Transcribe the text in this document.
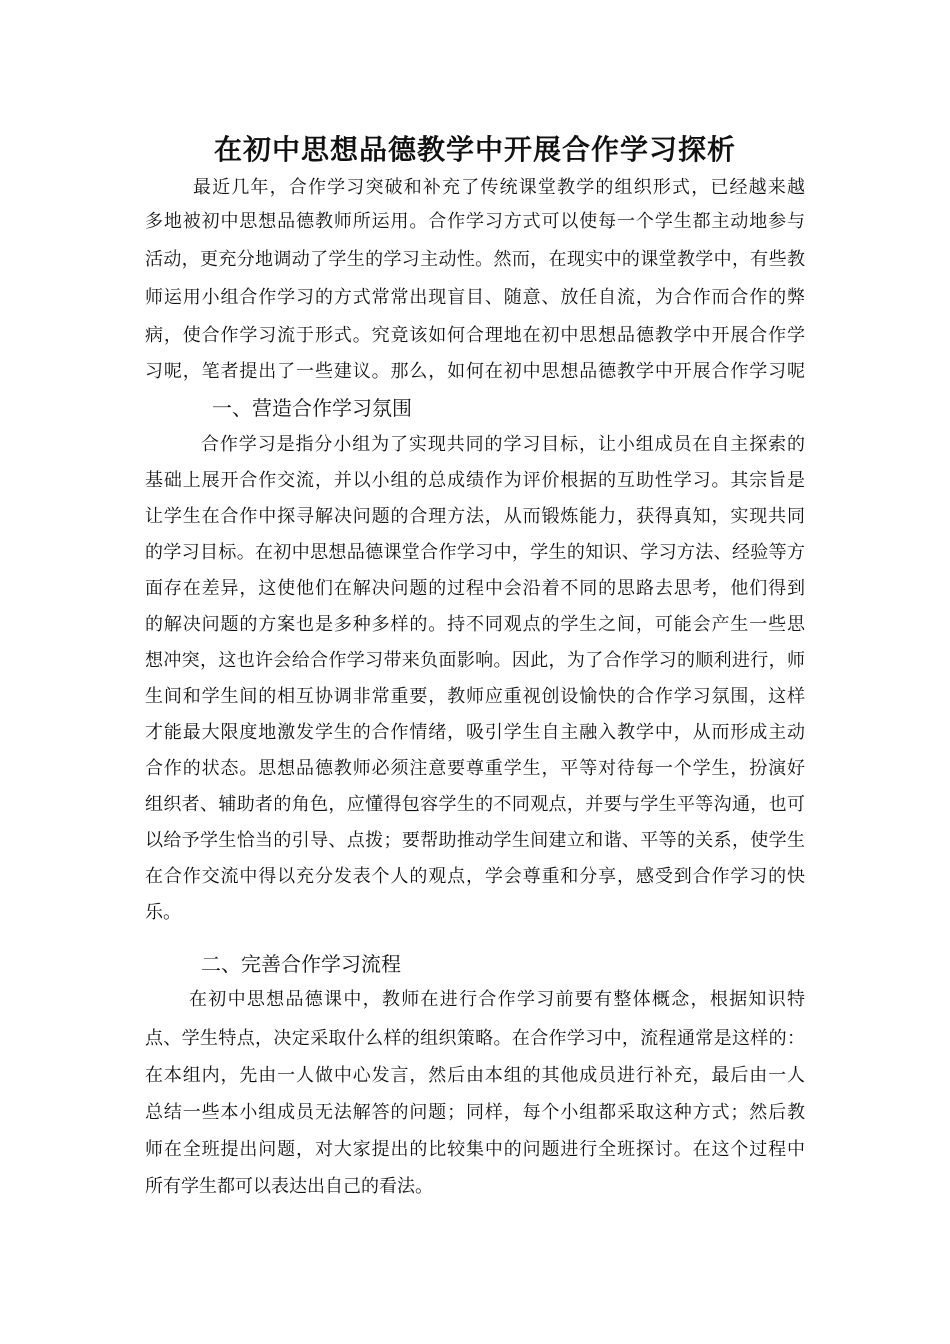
在初中思想品德教学中开展合作学习探析
最近几年，合作学习突破和补充了传统课堂教学的组织形式，已经越来越
多地被初中思想品德教师所运用。合作学习方式可以使每一个学生都主动地参与
活动，更充分地调动了学生的学习主动性。然而，在现实中的课堂教学中，有些教
师运用小组合作学习的方式常常出现盲目、随意、放任自流，为合作而合作的弊
病，使合作学习流于形式。究竟该如何合理地在初中思想品德教学中开展合作学
习呢，笔者提出了一些建议。那么，如何在初中思想品德教学中开展合作学习呢
一、营造合作学习氛围
合作学习是指分小组为了实现共同的学习目标，让小组成员在自主探索的
基础上展开合作交流，并以小组的总成绩作为评价根据的互助性学习。其宗旨是
让学生在合作中探寻解决问题的合理方法，从而锻炼能力，获得真知，实现共同
的学习目标。在初中思想品德课堂合作学习中，学生的知识、学习方法、经验等方
面存在差异，这使他们在解决问题的过程中会沿着不同的思路去思考，他们得到
的解决问题的方案也是多种多样的。持不同观点的学生之间，可能会产生一些思
想冲突，这也许会给合作学习带来负面影响。因此，为了合作学习的顺利进行，师
生间和学生间的相互协调非常重要，教师应重视创设愉快的合作学习氛围，这样
才能最大限度地激发学生的合作情绪，吸引学生自主融入教学中，从而形成主动
合作的状态。思想品德教师必须注意要尊重学生，平等对待每一个学生，扮演好
组织者、辅助者的角色，应懂得包容学生的不同观点，并要与学生平等沟通，也可
以给予学生恰当的引导、点拨；要帮助推动学生间建立和谐、平等的关系，使学生
在合作交流中得以充分发表个人的观点，学会尊重和分享，感受到合作学习的快
乐。
二、完善合作学习流程
在初中思想品德课中，教师在进行合作学习前要有整体概念，根据知识特
点、学生特点，决定采取什么样的组织策略。在合作学习中，流程通常是这样的：
在本组内，先由一人做中心发言，然后由本组的其他成员进行补充，最后由一人
总结一些本小组成员无法解答的问题；同样，每个小组都采取这种方式；然后教
师在全班提出问题，对大家提出的比较集中的问题进行全班探讨。在这个过程中
所有学生都可以表达出自己的看法。
